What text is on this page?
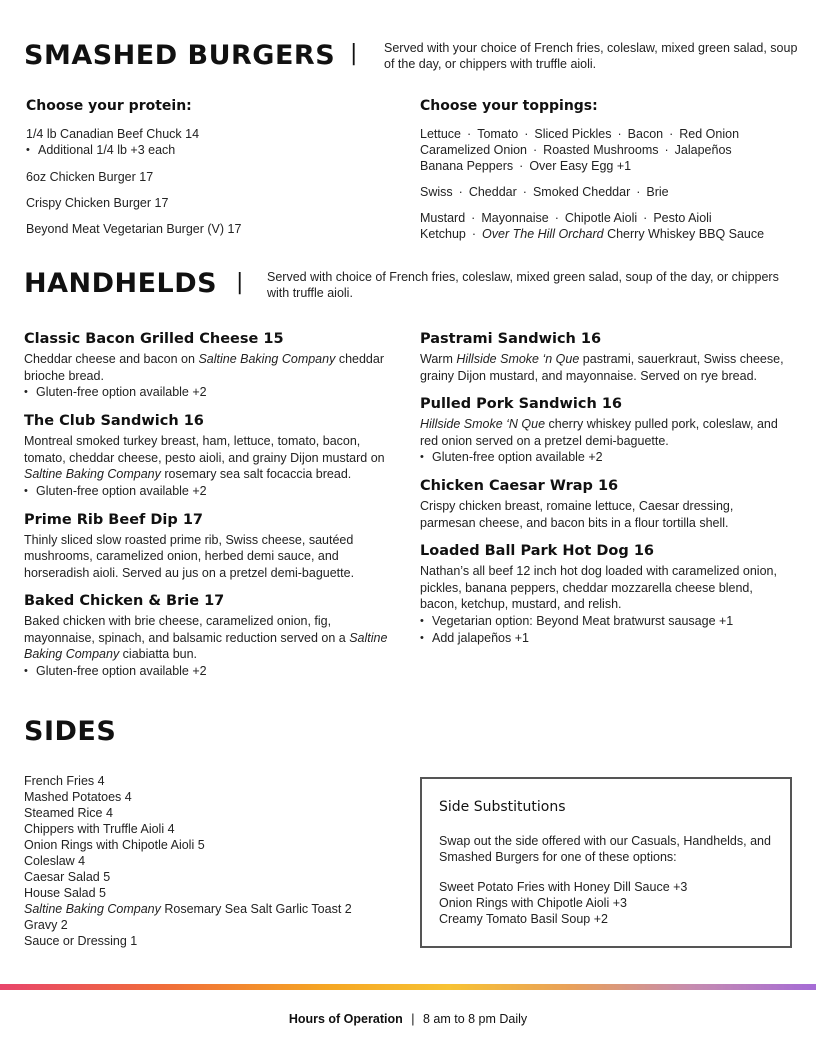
SMASHED BURGERS | Served with your choice of French fries, coleslaw, mixed green salad, soup of the day, or chippers with truffle aioli.
Choose your protein:
1/4 lb Canadian Beef Chuck 14
• Additional 1/4 lb +3 each
6oz Chicken Burger 17
Crispy Chicken Burger 17
Beyond Meat Vegetarian Burger (V) 17
Choose your toppings:
Lettuce · Tomato · Sliced Pickles · Bacon · Red Onion
Caramelized Onion · Roasted Mushrooms · Jalapeños
Banana Peppers · Over Easy Egg +1
Swiss · Cheddar · Smoked Cheddar · Brie
Mustard · Mayonnaise · Chipotle Aioli · Pesto Aioli
Ketchup · Over The Hill Orchard Cherry Whiskey BBQ Sauce
HANDHELDS | Served with choice of French fries, coleslaw, mixed green salad, soup of the day, or chippers with truffle aioli.
Classic Bacon Grilled Cheese 15
Cheddar cheese and bacon on Saltine Baking Company cheddar brioche bread.
• Gluten-free option available +2
The Club Sandwich 16
Montreal smoked turkey breast, ham, lettuce, tomato, bacon, tomato, cheddar cheese, pesto aioli, and grainy Dijon mustard on Saltine Baking Company rosemary sea salt focaccia bread.
• Gluten-free option available +2
Prime Rib Beef Dip 17
Thinly sliced slow roasted prime rib, Swiss cheese, sautéed mushrooms, caramelized onion, herbed demi sauce, and horseradish aioli. Served au jus on a pretzel demi-baguette.
Baked Chicken & Brie 17
Baked chicken with brie cheese, caramelized onion, fig, mayonnaise, spinach, and balsamic reduction served on a Saltine Baking Company ciabiatta bun.
• Gluten-free option available +2
Pastrami Sandwich 16
Warm Hillside Smoke ‘n Que pastrami, sauerkraut, Swiss cheese, grainy Dijon mustard, and mayonnaise. Served on rye bread.
Pulled Pork Sandwich 16
Hillside Smoke ‘N Que cherry whiskey pulled pork, coleslaw, and red onion served on a pretzel demi-baguette.
• Gluten-free option available +2
Chicken Caesar Wrap 16
Crispy chicken breast, romaine lettuce, Caesar dressing, parmesan cheese, and bacon bits in a flour tortilla shell.
Loaded Ball Park Hot Dog 16
Nathan’s all beef 12 inch hot dog loaded with caramelized onion, pickles, banana peppers, cheddar mozzarella cheese blend, bacon, ketchup, mustard, and relish.
• Vegetarian option: Beyond Meat bratwurst sausage +1
• Add jalapeños +1
SIDES
French Fries 4
Mashed Potatoes 4
Steamed Rice 4
Chippers with Truffle Aioli 4
Onion Rings with Chipotle Aioli 5
Coleslaw 4
Caesar Salad 5
House Salad 5
Saltine Baking Company Rosemary Sea Salt Garlic Toast 2
Gravy 2
Sauce or Dressing 1
Side Substitutions
Swap out the side offered with our Casuals, Handhelds, and Smashed Burgers for one of these options:
Sweet Potato Fries with Honey Dill Sauce +3
Onion Rings with Chipotle Aioli +3
Creamy Tomato Basil Soup +2
Hours of Operation | 8 am to 8 pm Daily
